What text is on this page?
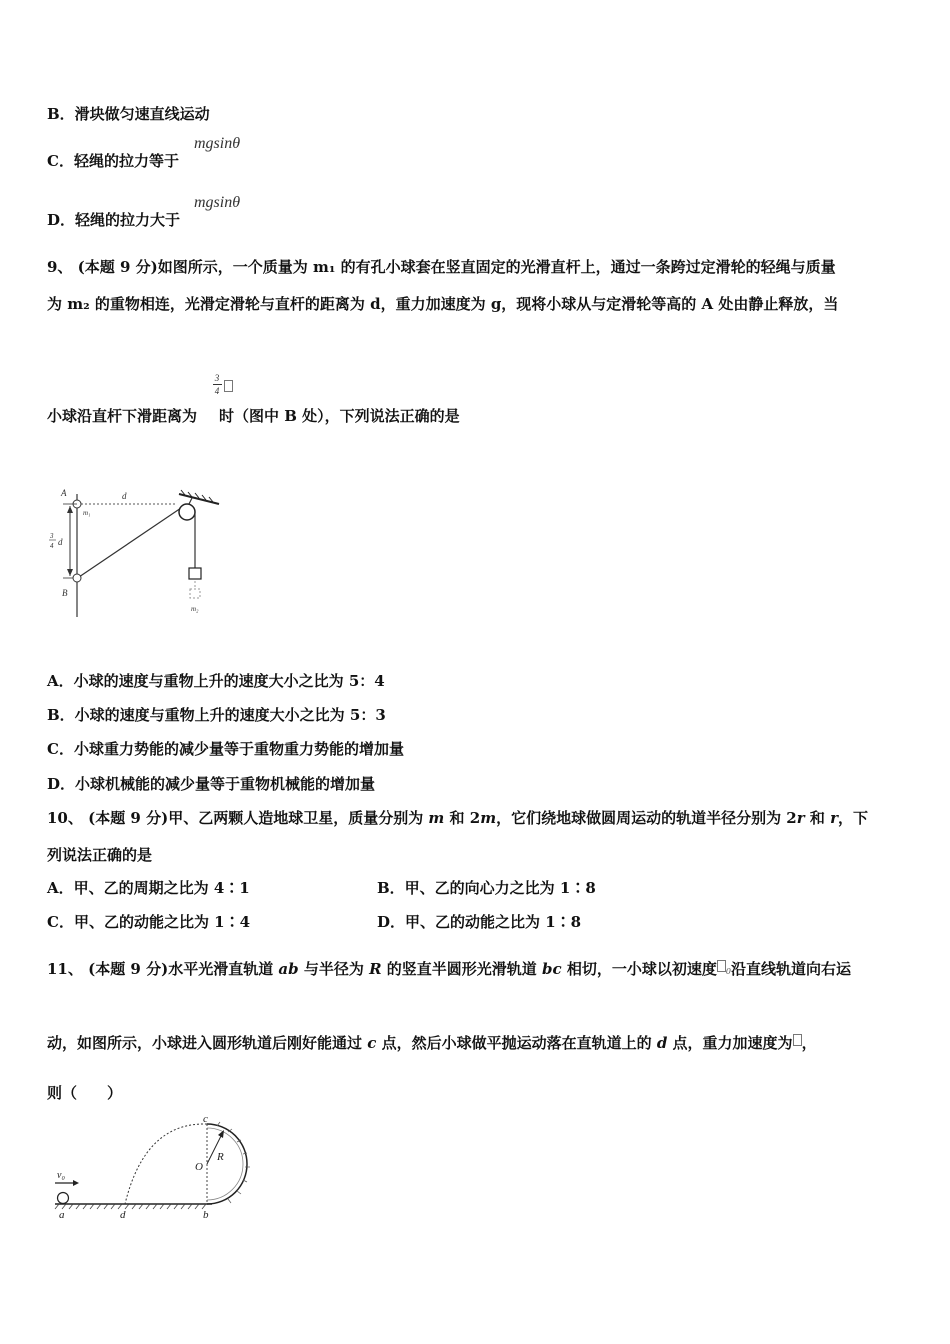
B．滑块做匀速直线运动
C．轻绳的拉力等于
mgsinθ
D．轻绳的拉力大于
mgsinθ
9、 (本题 9 分)如图所示，一个质量为 m₁ 的有孔小球套在竖直固定的光滑直杆上，通过一条跨过定滑轮的轻绳与质量
为 m₂ 的重物相连，光滑定滑轮与直杆的距离为 d，重力加速度为 g，现将小球从与定滑轮等高的 A 处由静止释放，当
3
4
小球沿直杆下滑距离为 时（图中 B 处），下列说法正确的是
A	d
m₁
3
4 d
B
m₂
A．小球的速度与重物上升的速度大小之比为 5：4
B．小球的速度与重物上升的速度大小之比为 5：3
C．小球重力势能的减少量等于重物重力势能的增加量
D．小球机械能的减少量等于重物机械能的增加量
10、 (本题 9 分)甲、乙两颗人造地球卫星，质量分别为 m 和 2m，它们绕地球做圆周运动的轨道半径分别为 2r 和 r，下
列说法正确的是
A．甲、乙的周期之比为 4∶1	B．甲、乙的向心力之比为 1∶8
C．甲、乙的动能之比为 1∶4	D．甲、乙的动能之比为 1∶8
11、 (本题 9 分)水平光滑直轨道 ab 与半径为 R 的竖直半圆形光滑轨道 bc 相切，一小球以初速度 0沿直线轨道向右运
动，如图所示，小球进入圆形轨道后刚好能通过 c 点，然后小球做平抛运动落在直轨道上的 d 点，重力加速度为 ，
则（　　）
v₀
a	d	b
c
O
R
